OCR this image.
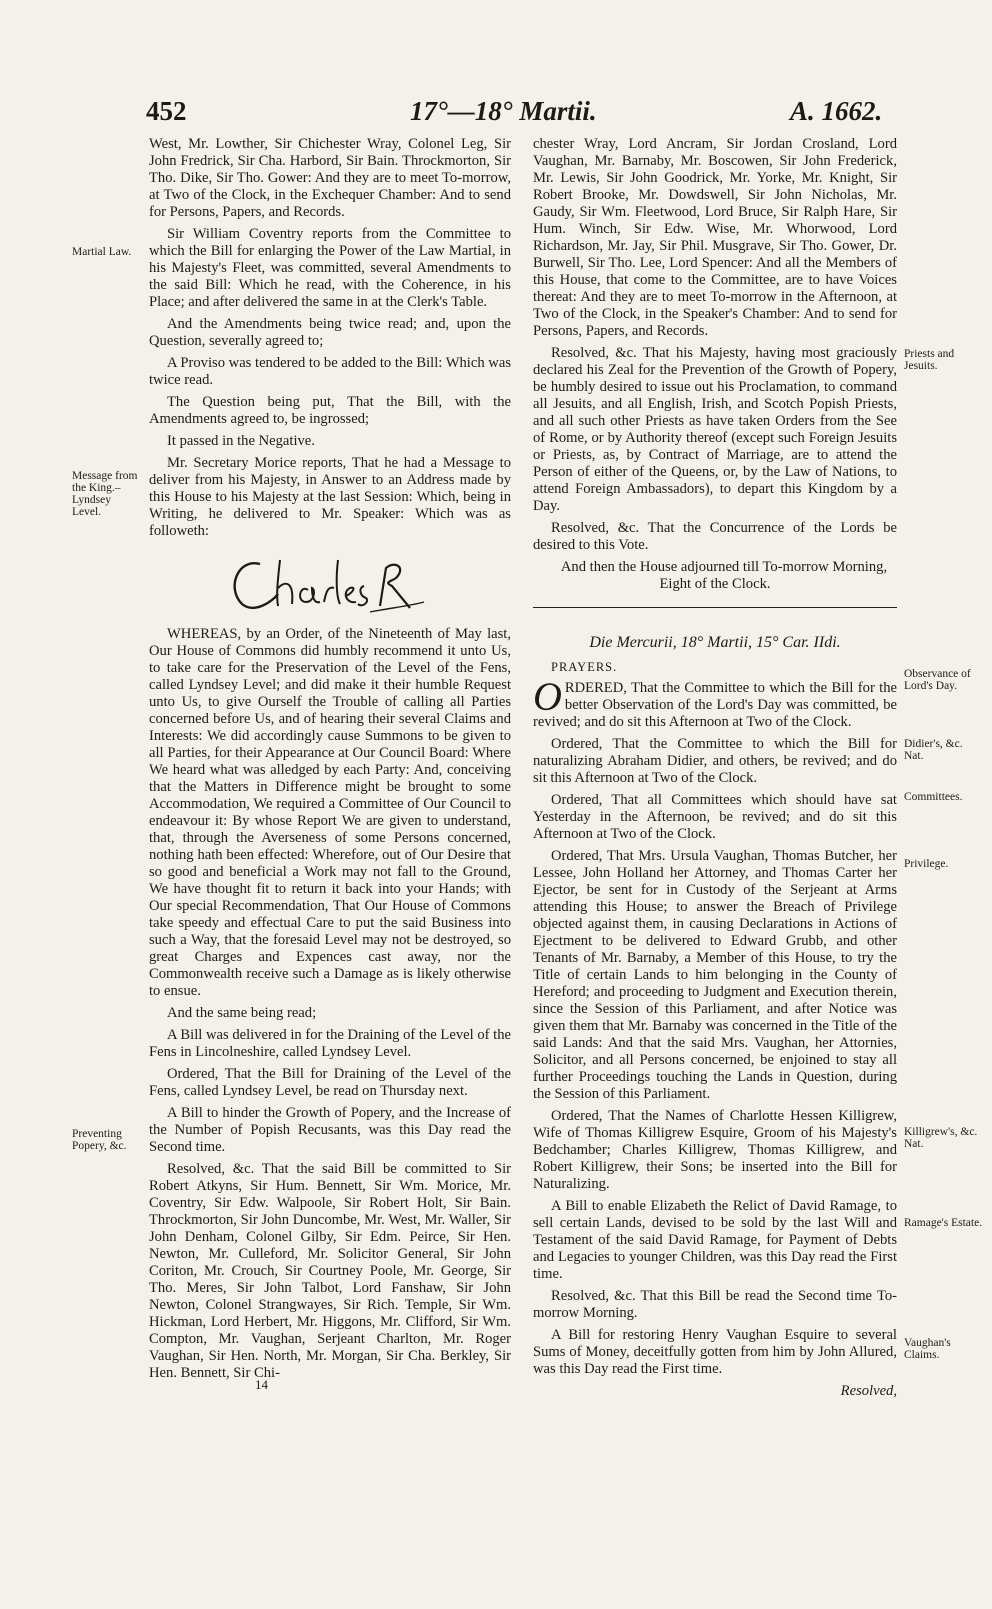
452	17°—18° Martii.	A. 1662.
Martial Law.
Message from the King.–Lyndsey Level.
Preventing Popery, &c.
Priests and Jesuits.
Observance of Lord's Day.
Didier's, &c. Nat.
Committees.
Privilege.
Killigrew's, &c. Nat.
Ramage's Estate.
Vaughan's Claims.

West, Mr. Lowther, Sir Chichester Wray, Colonel Leg, Sir John Fredrick, Sir Cha. Harbord, Sir Bain. Throckmorton, Sir Tho. Dike, Sir Tho. Gower: And they are to meet To-morrow, at Two of the Clock, in the Exchequer Chamber: And to send for Persons, Papers, and Records.

Sir William Coventry reports from the Committee to which the Bill for enlarging the Power of the Law Martial, in his Majesty's Fleet, was committed, several Amendments to the said Bill: Which he read, with the Coherence, in his Place; and after delivered the same in at the Clerk's Table.

And the Amendments being twice read; and, upon the Question, severally agreed to;

A Proviso was tendered to be added to the Bill: Which was twice read.

The Question being put, That the Bill, with the Amendments agreed to, be ingrossed;

It passed in the Negative.

Mr. Secretary Morice reports, That he had a Message to deliver from his Majesty, in Answer to an Address made by this House to his Majesty at the last Session: Which, being in Writing, he delivered to Mr. Speaker: Which was as followeth:

WHEREAS, by an Order, of the Nineteenth of May last, Our House of Commons did humbly recommend it unto Us, to take care for the Preservation of the Level of the Fens, called Lyndsey Level; and did make it their humble Request unto Us, to give Ourself the Trouble of calling all Parties concerned before Us, and of hearing their several Claims and Interests: We did accordingly cause Summons to be given to all Parties, for their Appearance at Our Council Board: Where We heard what was alledged by each Party: And, conceiving that the Matters in Difference might be brought to some Accommodation, We required a Committee of Our Council to endeavour it: By whose Report We are given to understand, that, through the Averseness of some Persons concerned, nothing hath been effected: Wherefore, out of Our Desire that so good and beneficial a Work may not fall to the Ground, We have thought fit to return it back into your Hands; with Our special Recommendation, That Our House of Commons take speedy and effectual Care to put the said Business into such a Way, that the foresaid Level may not be destroyed, so great Charges and Expences cast away, nor the Commonwealth receive such a Damage as is likely otherwise to ensue.

And the same being read;

A Bill was delivered in for the Draining of the Level of the Fens in Lincolneshire, called Lyndsey Level.

Ordered, That the Bill for Draining of the Level of the Fens, called Lyndsey Level, be read on Thursday next.

A Bill to hinder the Growth of Popery, and the Increase of the Number of Popish Recusants, was this Day read the Second time.

Resolved, &c. That the said Bill be committed to Sir Robert Atkyns, Sir Hum. Bennett, Sir Wm. Morice, Mr. Coventry, Sir Edw. Walpoole, Sir Robert Holt, Sir Bain. Throckmorton, Sir John Duncombe, Mr. West, Mr. Waller, Sir John Denham, Colonel Gilby, Sir Edm. Peirce, Sir Hen. Newton, Mr. Culleford, Mr. Solicitor General, Sir John Coriton, Mr. Crouch, Sir Courtney Poole, Mr. George, Sir Tho. Meres, Sir John Talbot, Lord Fanshaw, Sir John Newton, Colonel Strangwayes, Sir Rich. Temple, Sir Wm. Hickman, Lord Herbert, Mr. Higgons, Mr. Clifford, Sir Wm. Compton, Mr. Vaughan, Serjeant Charlton, Mr. Roger Vaughan, Sir Hen. North, Mr. Morgan, Sir Cha. Berkley, Sir Hen. Bennett, Sir Chi-

chester Wray, Lord Ancram, Sir Jordan Crosland, Lord Vaughan, Mr. Barnaby, Mr. Boscowen, Sir John Frederick, Mr. Lewis, Sir John Goodrick, Mr. Yorke, Mr. Knight, Sir Robert Brooke, Mr. Dowdswell, Sir John Nicholas, Mr. Gaudy, Sir Wm. Fleetwood, Lord Bruce, Sir Ralph Hare, Sir Hum. Winch, Sir Edw. Wise, Mr. Whorwood, Lord Richardson, Mr. Jay, Sir Phil. Musgrave, Sir Tho. Gower, Dr. Burwell, Sir Tho. Lee, Lord Spencer: And all the Members of this House, that come to the Committee, are to have Voices thereat: And they are to meet To-morrow in the Afternoon, at Two of the Clock, in the Speaker's Chamber: And to send for Persons, Papers, and Records.

Resolved, &c. That his Majesty, having most graciously declared his Zeal for the Prevention of the Growth of Popery, be humbly desired to issue out his Proclamation, to command all Jesuits, and all English, Irish, and Scotch Popish Priests, and all such other Priests as have taken Orders from the See of Rome, or by Authority thereof (except such Foreign Jesuits or Priests, as, by Contract of Marriage, are to attend the Person of either of the Queens, or, by the Law of Nations, to attend Foreign Ambassadors), to depart this Kingdom by a Day.

Resolved, &c. That the Concurrence of the Lords be desired to this Vote.

And then the House adjourned till To-morrow Morning, Eight of the Clock.

Die Mercurii, 18° Martii, 15° Car. IIdi.
PRAYERS.

ORDERED, That the Committee to which the Bill for the better Observation of the Lord's Day was committed, be revived; and do sit this Afternoon at Two of the Clock.

Ordered, That the Committee to which the Bill for naturalizing Abraham Didier, and others, be revived; and do sit this Afternoon at Two of the Clock.

Ordered, That all Committees which should have sat Yesterday in the Afternoon, be revived; and do sit this Afternoon at Two of the Clock.

Ordered, That Mrs. Ursula Vaughan, Thomas Butcher, her Lessee, John Holland her Attorney, and Thomas Carter her Ejector, be sent for in Custody of the Serjeant at Arms attending this House; to answer the Breach of Privilege objected against them, in causing Declarations in Actions of Ejectment to be delivered to Edward Grubb, and other Tenants of Mr. Barnaby, a Member of this House, to try the Title of certain Lands to him belonging in the County of Hereford; and proceeding to Judgment and Execution therein, since the Session of this Parliament, and after Notice was given them that Mr. Barnaby was concerned in the Title of the said Lands: And that the said Mrs. Vaughan, her Attornies, Solicitor, and all Persons concerned, be enjoined to stay all further Proceedings touching the Lands in Question, during the Session of this Parliament.

Ordered, That the Names of Charlotte Hessen Killigrew, Wife of Thomas Killigrew Esquire, Groom of his Majesty's Bedchamber; Charles Killigrew, Thomas Killigrew, and Robert Killigrew, their Sons; be inserted into the Bill for Naturalizing.

A Bill to enable Elizabeth the Relict of David Ramage, to sell certain Lands, devised to be sold by the last Will and Testament of the said David Ramage, for Payment of Debts and Legacies to younger Children, was this Day read the First time.

Resolved, &c. That this Bill be read the Second time To-morrow Morning.

A Bill for restoring Henry Vaughan Esquire to several Sums of Money, deceitfully gotten from him by John Allured, was this Day read the First time.

Resolved,
14
